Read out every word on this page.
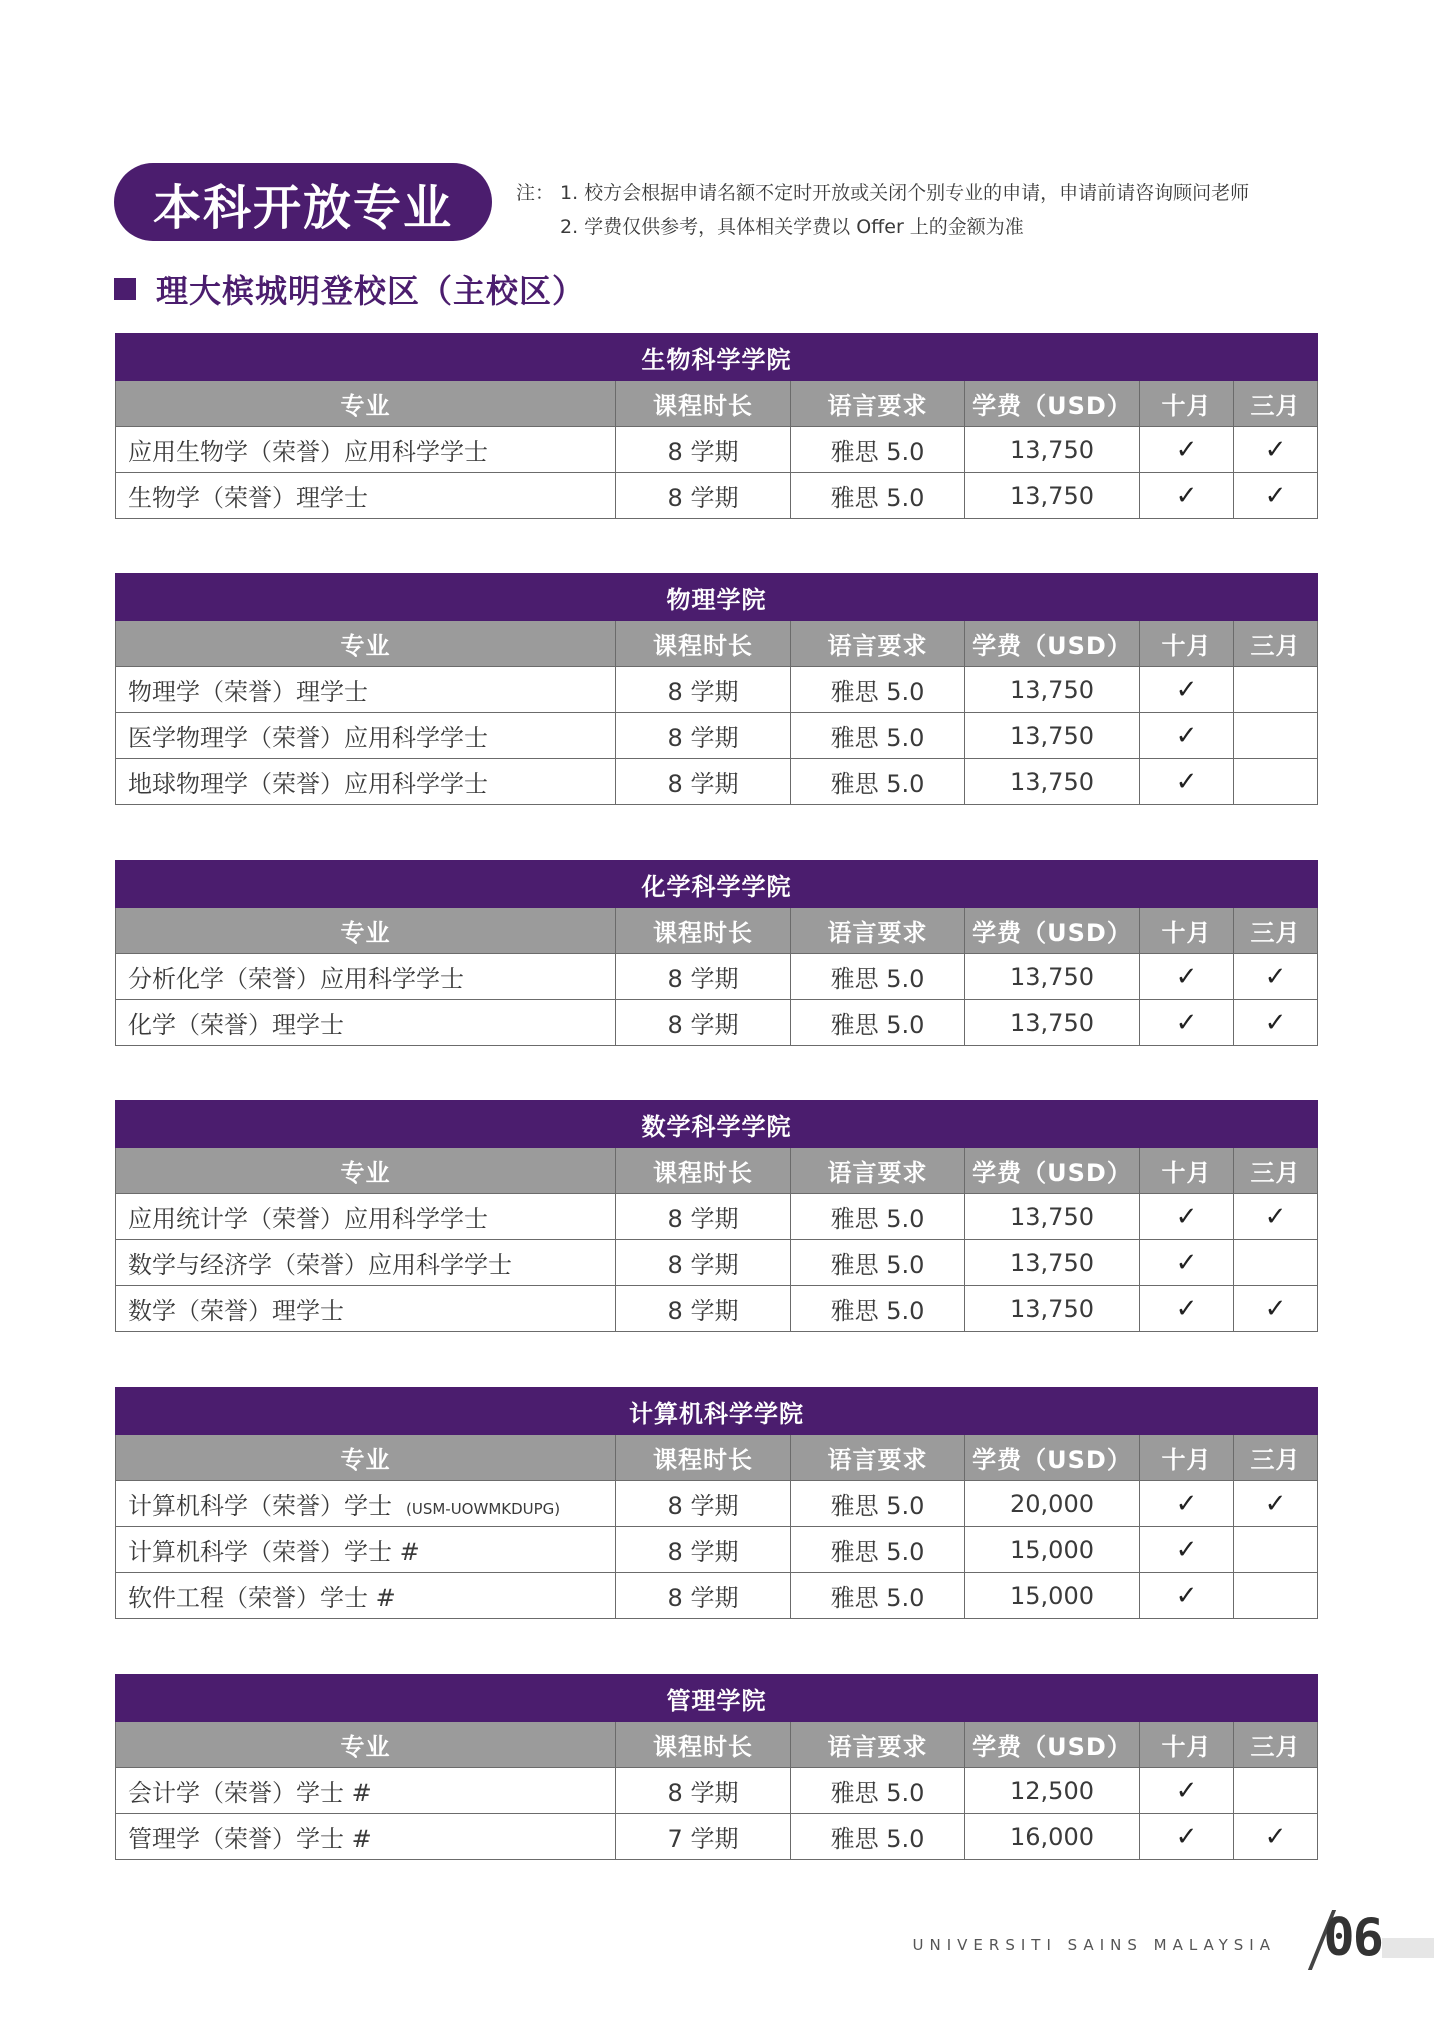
本科开放专业	注： 1. 校方会根据申请名额不定时开放或关闭个别专业的申请，申请前请咨询顾问老师
2. 学费仅供参考，具体相关学费以 Offer 上的金额为准
理大槟城明登校区（主校区）
生物科学学院					
专业	课程时长	语言要求	学费（USD）	十月	三月
应用生物学（荣誉）应用科学学士	8 学期	雅思 5.0	13,750	✓	✓
生物学（荣誉）理学士	8 学期	雅思 5.0	13,750	✓	✓
物理学院					
专业	课程时长	语言要求	学费（USD）	十月	三月
物理学（荣誉）理学士	8 学期	雅思 5.0	13,750	✓	
医学物理学（荣誉）应用科学学士	8 学期	雅思 5.0	13,750	✓	
地球物理学（荣誉）应用科学学士	8 学期	雅思 5.0	13,750	✓	
化学科学学院					
专业	课程时长	语言要求	学费（USD）	十月	三月
分析化学（荣誉）应用科学学士	8 学期	雅思 5.0	13,750	✓	✓
化学（荣誉）理学士	8 学期	雅思 5.0	13,750	✓	✓
数学科学学院					
专业	课程时长	语言要求	学费（USD）	十月	三月
应用统计学（荣誉）应用科学学士	8 学期	雅思 5.0	13,750	✓	✓
数学与经济学（荣誉）应用科学学士	8 学期	雅思 5.0	13,750	✓	
数学（荣誉）理学士	8 学期	雅思 5.0	13,750	✓	✓
计算机科学学院					
专业	课程时长	语言要求	学费（USD）	十月	三月
计算机科学（荣誉）学士 (USM-UOWMKDUPG)	8 学期	雅思 5.0	20,000	✓	✓
计算机科学（荣誉）学士 #	8 学期	雅思 5.0	15,000	✓	
软件工程（荣誉）学士 #	8 学期	雅思 5.0	15,000	✓	
管理学院					
专业	课程时长	语言要求	学费（USD）	十月	三月
会计学（荣誉）学士 #	8 学期	雅思 5.0	12,500	✓	
管理学（荣誉）学士 #	7 学期	雅思 5.0	16,000	✓	✓
UNIVERSITI SAINS MALAYSIA 06
